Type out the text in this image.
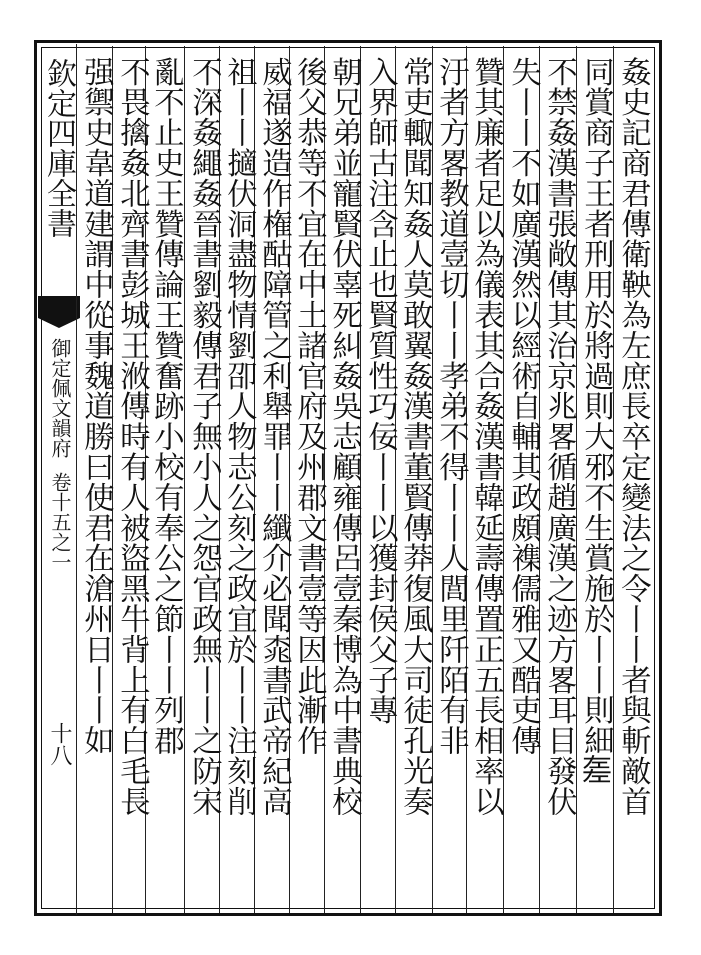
欽定四庫全書
御定佩文韻府
卷十五之一
十八	姦史記商君傳衛鞅為左庶長卒定變法之令丨丨者與斬敵首
同賞商子王者刑用於將過則大邪不生賞施於丨丨則細𢀡
不禁姦漢書張敞傳其治京兆畧循趙廣漢之迹方畧耳目發伏
失丨丨不如廣漢然以經術自輔其政頗襍儒雅又酷吏傳
贊其廉者足以為儀表其合姦漢書韓延壽傳置正五長相率以
汙者方畧教道壹切丨丨孝弟不得丨丨人閭里阡陌有非
常吏輙聞知姦人莫敢翼姦漢書董賢傳莽復風大司徒孔光奏
入界師古注含止也賢質性巧佞丨丨以獲封侯父子專
朝兄弟並寵賢伏辜死糾姦吳志顧雍傳呂壹秦博為中書典校
後父恭等不宜在中土諸官府及州郡文書壹等因此漸作
威福遂造作権酤障管之利舉罪丨丨纖介必聞𣑯書武帝紀高
祖丨丨擿伏洞盡物情劉卲人物志公刻之政宜於丨丨注刻削
不深姦繩姦晉書劉毅傳君子無小人之怨官政無丨丨之防宋
亂不止史王贊傳論王贊奮跡小校有奉公之節丨丨列郡
不畏擒姦北齊書彭城王浟傳時有人被盜黑牛背上有白毛長
强禦史韋道建謂中從事魏道勝曰使君在滄州日丨丨如
